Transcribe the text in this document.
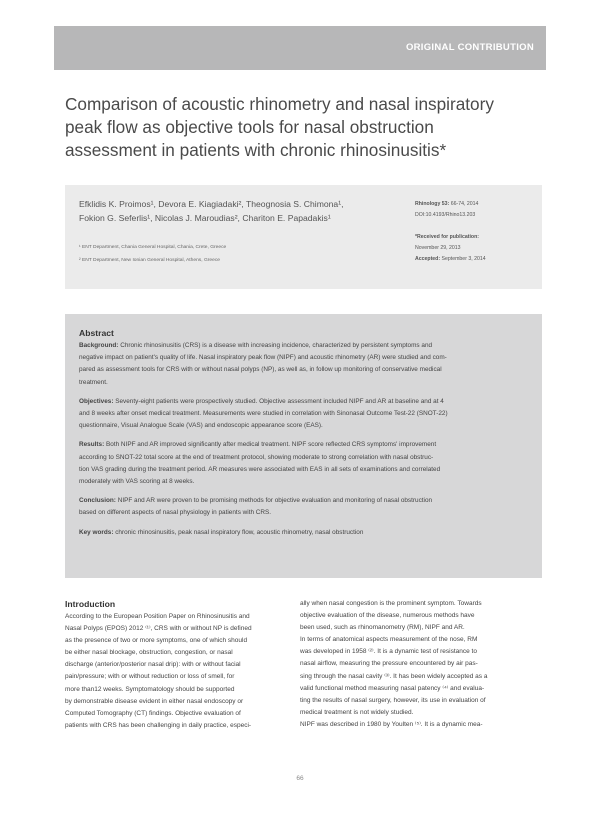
ORIGINAL CONTRIBUTION
Comparison of acoustic rhinometry and nasal inspiratory
peak flow as objective tools for nasal obstruction
assessment in patients with chronic rhinosinusitis*
Efklidis K. Proimos¹, Devora E. Kiagiadaki², Theognosia S. Chimona¹,
Fokion G. Seferlis¹, Nicolas J. Maroudias², Chariton E. Papadakis¹
¹ ENT Department, Chania General Hospital, Chania, Crete, Greece
² ENT Department, New Ionian General Hospital, Athens, Greece
Rhinology 53: 66-74, 2014
DOI:10.4193/Rhino13.203
*Received for publication:
November 29, 2013
Accepted: September 3, 2014
Abstract

Background: Chronic rhinosinusitis (CRS) is a disease with increasing incidence, characterized by persistent symptoms and
negative impact on patient's quality of life. Nasal inspiratory peak flow (NIPF) and acoustic rhinometry (AR) were studied and com-
pared as assessment tools for CRS with or without nasal polyps (NP), as well as, in follow up monitoring of conservative medical
treatment.

Objectives: Seventy-eight patients were prospectively studied. Objective assessment included NIPF and AR at baseline and at 4
and 8 weeks after onset medical treatment. Measurements were studied in correlation with Sinonasal Outcome Test-22 (SNOT-22)
questionnaire, Visual Analogue Scale (VAS) and endoscopic appearance score (EAS).

Results: Both NIPF and AR improved significantly after medical treatment. NIPF score reflected CRS symptoms' improvement
according to SNOT-22 total score at the end of treatment protocol, showing moderate to strong correlation with nasal obstruc-
tion VAS grading during the treatment period. AR measures were associated with EAS in all sets of examinations and correlated
moderately with VAS scoring at 8 weeks.

Conclusion: NIPF and AR were proven to be promising methods for objective evaluation and monitoring of nasal obstruction
based on different aspects of nasal physiology in patients with CRS.

Key words: chronic rhinosinusitis, peak nasal inspiratory flow, acoustic rhinometry, nasal obstruction

Introduction
According to the European Position Paper on Rhinosinusitis and
Nasal Polyps (EPOS) 2012 ⁽¹⁾, CRS with or without NP is defined
as the presence of two or more symptoms, one of which should
be either nasal blockage, obstruction, congestion, or nasal
discharge (anterior/posterior nasal drip): with or without facial
pain/pressure; with or without reduction or loss of smell, for
more than12 weeks. Symptomatology should be supported
by demonstrable disease evident in either nasal endoscopy or
Computed Tomography (CT) findings. Objective evaluation of
patients with CRS has been challenging in daily practice, especi-
ally when nasal congestion is the prominent symptom. Towards
objective evaluation of the disease, numerous methods have
been used, such as rhinomanometry (RM), NIPF and AR.
In terms of anatomical aspects measurement of the nose, RM
was developed in 1958 ⁽²⁾. It is a dynamic test of resistance to
nasal airflow, measuring the pressure encountered by air pas-
sing through the nasal cavity ⁽³⁾. It has been widely accepted as a
valid functional method measuring nasal patency ⁽⁴⁾ and evalua-
ting the results of nasal surgery, however, its use in evaluation of
medical treatment is not widely studied.
NIPF was described in 1980 by Youlten ⁽⁵⁾. It is a dynamic mea-
66
